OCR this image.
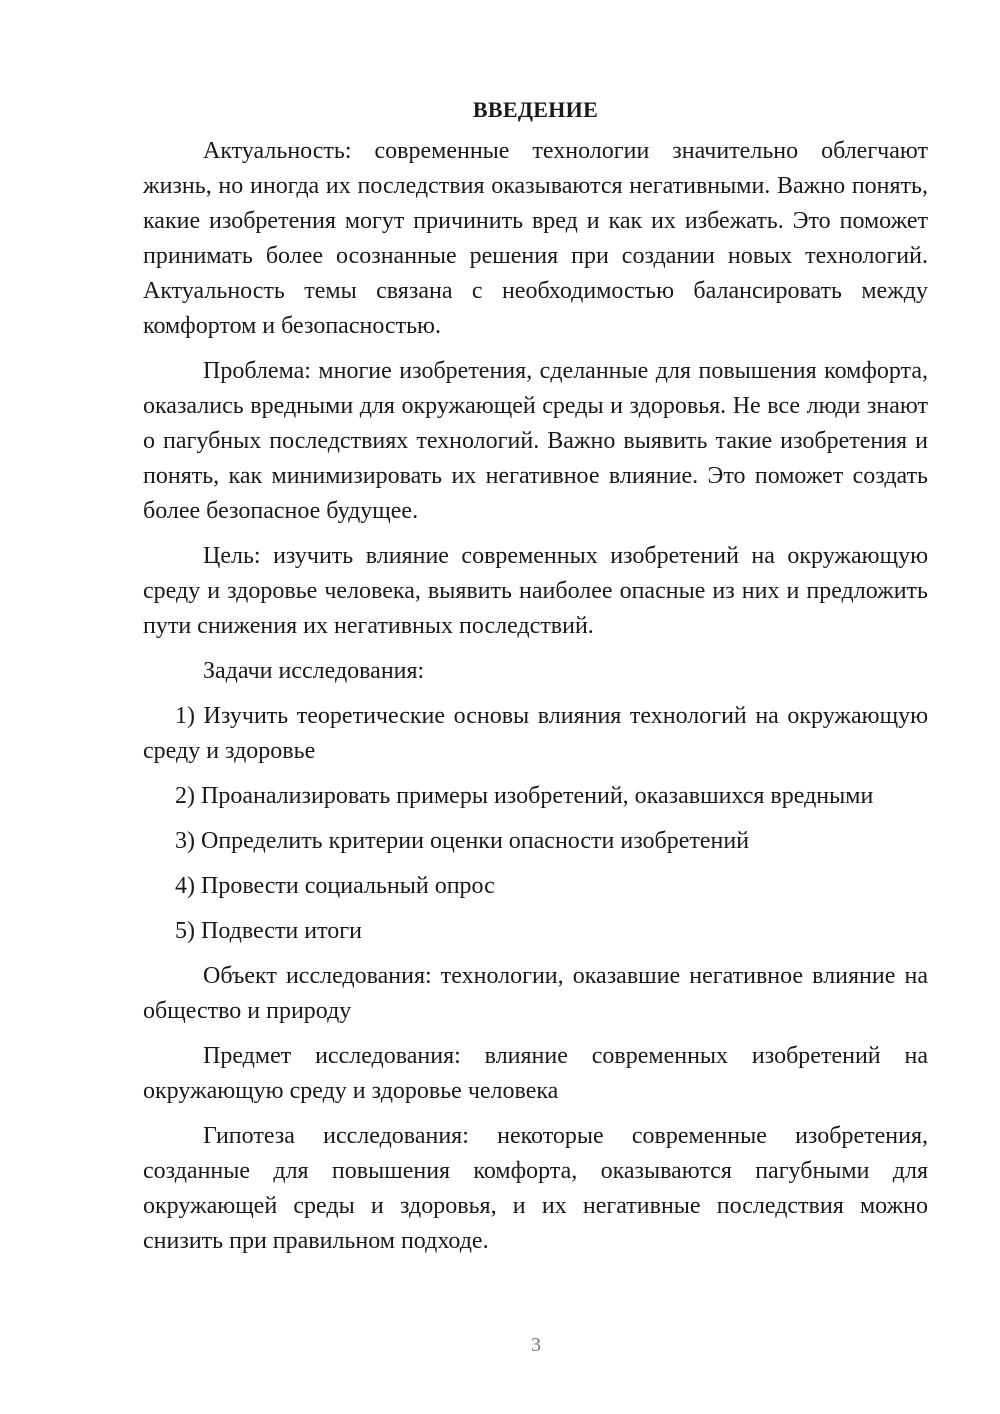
ВВЕДЕНИЕ

Актуальность: современные технологии значительно облегчают жизнь, но иногда их последствия оказываются негативными. Важно понять, какие изобретения могут причинить вред и как их избежать. Это поможет принимать более осознанные решения при создании новых технологий. Актуальность темы связана с необходимостью балансировать между комфортом и безопасностью.

Проблема: многие изобретения, сделанные для повышения комфорта, оказались вредными для окружающей среды и здоровья. Не все люди знают о пагубных последствиях технологий. Важно выявить такие изобретения и понять, как минимизировать их негативное влияние. Это поможет создать более безопасное будущее.

Цель: изучить влияние современных изобретений на окружающую среду и здоровье человека, выявить наиболее опасные из них и предложить пути снижения их негативных последствий.

Задачи исследования:

1) Изучить теоретические основы влияния технологий на окружающую среду и здоровье

2) Проанализировать примеры изобретений, оказавшихся вредными

3) Определить критерии оценки опасности изобретений

4) Провести социальный опрос

5) Подвести итоги

Объект исследования: технологии, оказавшие негативное влияние на общество и природу

Предмет исследования: влияние современных изобретений на окружающую среду и здоровье человека

Гипотеза исследования: некоторые современные изобретения, созданные для повышения комфорта, оказываются пагубными для окружающей среды и здоровья, и их негативные последствия можно снизить при правильном подходе.

3
